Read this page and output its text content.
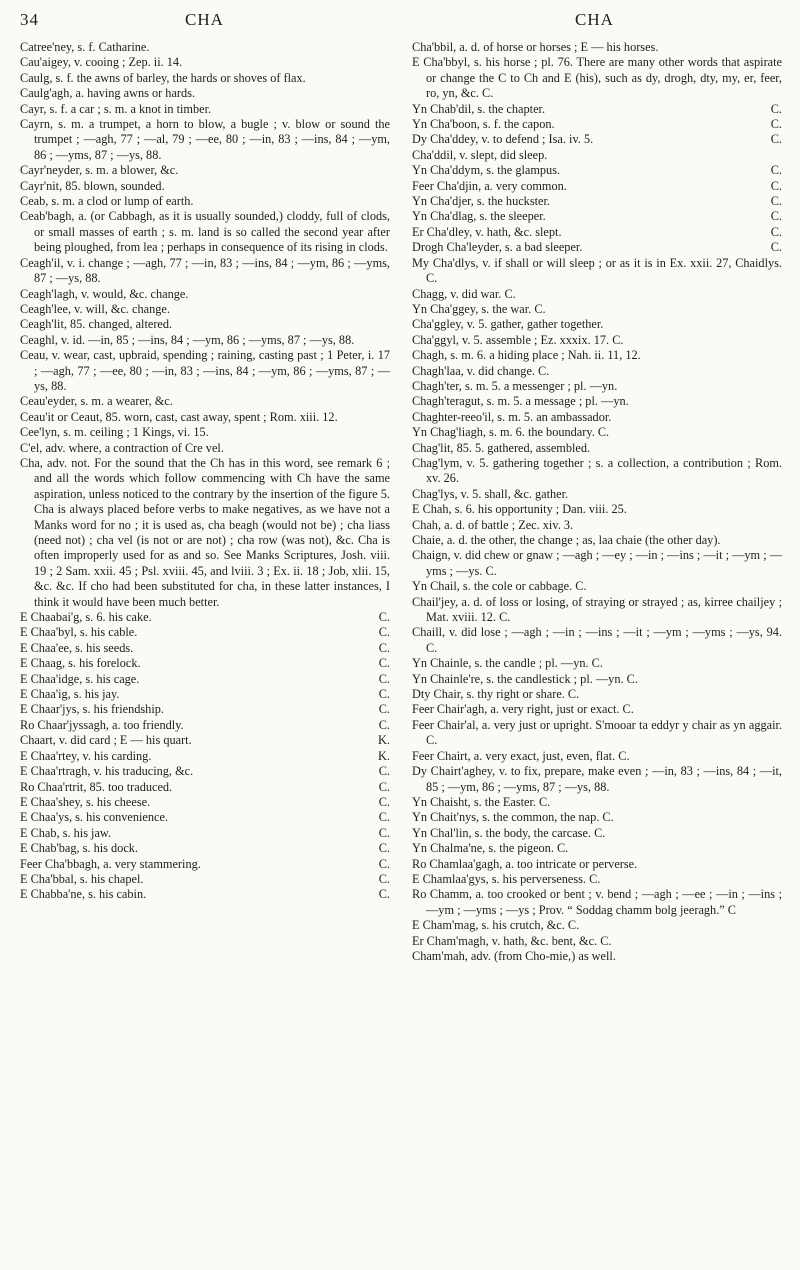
34	CHA	CHA

Catree'ney, s. f. Catharine.

Cau'aigey, v. cooing ; Zep. ii. 14.

Caulg, s. f. the awns of barley, the hards or shoves of flax.

Caulg'agh, a. having awns or hards.

Cayr, s. f. a car ; s. m. a knot in timber.

Cayrn, s. m. a trumpet, a horn to blow, a bugle ; v. blow or sound the trumpet ; —agh, 77 ; —al, 79 ; —ee, 80 ; —in, 83 ; —ins, 84 ; —ym, 86 ; —yms, 87 ; —ys, 88.

Cayr'neyder, s. m. a blower, &c.

Cayr'nit, 85. blown, sounded.

Ceab, s. m. a clod or lump of earth.

Ceab'bagh, a. (or Cabbagh, as it is usually sounded,) cloddy, full of clods, or small masses of earth ; s. m. land is so called the second year after being ploughed, from lea ; perhaps in consequence of its rising in clods.

Ceagh'il, v. i. change ; —agh, 77 ; —in, 83 ; —ins, 84 ; —ym, 86 ; —yms, 87 ; —ys, 88.

Ceagh'lagh, v. would, &c. change.

Ceagh'lee, v. will, &c. change.

Ceagh'lit, 85. changed, altered.

Ceaghl, v. id. —in, 85 ; —ins, 84 ; —ym, 86 ; —yms, 87 ; —ys, 88.

Ceau, v. wear, cast, upbraid, spending ; raining, casting past ; 1 Peter, i. 17 ; —agh, 77 ; —ee, 80 ; —in, 83 ; —ins, 84 ; —ym, 86 ; —yms, 87 ; —ys, 88.

Ceau'eyder, s. m. a wearer, &c.

Ceau'it or Ceaut, 85. worn, cast, cast away, spent ; Rom. xiii. 12.

Cee'lyn, s. m. ceiling ; 1 Kings, vi. 15.

C'el, adv. where, a contraction of Cre vel.

Cha, adv. not. For the sound that the Ch has in this word, see remark 6 ; and all the words which follow commencing with Ch have the same aspiration, unless noticed to the contrary by the insertion of the figure 5. Cha is always placed before verbs to make negatives, as we have not a Manks word for no ; it is used as, cha beagh (would not be) ; cha liass (need not) ; cha vel (is not or are not) ; cha row (was not), &c. Cha is often improperly used for as and so. See Manks Scriptures, Josh. viii. 19 ; 2 Sam. xxii. 45 ; Psl. xviii. 45, and lviii. 3 ; Ex. ii. 18 ; Job, xlii. 15, &c. &c. If cho had been substituted for cha, in these latter instances, I think it would have been much better.

E Chaabai'g, s. 6. his cake.	C.

E Chaa'byl, s. his cable.	C.

E Chaa'ee, s. his seeds.	C.

E Chaag, s. his forelock.	C.

E Chaa'idge, s. his cage.	C.

E Chaa'ig, s. his jay.	C.

E Chaar'jys, s. his friendship.	C.

Ro Chaar'jyssagh, a. too friendly.	C.

Chaart, v. did card ; E — his quart.	K.

E Chaa'rtey, v. his carding.	K.

E Chaa'rtragh, v. his traducing, &c.	C.

Ro Chaa'rtrit, 85. too traduced.	C.

E Chaa'shey, s. his cheese.	C.

E Chaa'ys, s. his convenience.	C.

E Chab, s. his jaw.	C.

E Chab'bag, s. his dock.	C.

Feer Cha'bbagh, a. very stammering.	C.

E Cha'bbal, s. his chapel.	C.

E Chabba'ne, s. his cabin.	C.

Cha'bbil, a. d. of horse or horses ; E — his horses.

E Cha'bbyl, s. his horse ; pl. 76. There are many other words that aspirate or change the C to Ch and E (his), such as dy, drogh, dty, my, er, feer, ro, yn, &c. C.

Yn Chab'dil, s. the chapter.	C.

Yn Cha'boon, s. f. the capon.	C.

Dy Cha'ddey, v. to defend ; Isa. iv. 5.	C.

Cha'ddil, v. slept, did sleep.

Yn Cha'ddym, s. the glampus.	C.

Feer Cha'djin, a. very common.	C.

Yn Cha'djer, s. the huckster.	C.

Yn Cha'dlag, s. the sleeper.	C.

Er Cha'dley, v. hath, &c. slept.	C.

Drogh Cha'leyder, s. a bad sleeper.	C.

My Cha'dlys, v. if shall or will sleep ; or as it is in Ex. xxii. 27, Chaidlys. C.

Chagg, v. did war. C.

Yn Cha'ggey, s. the war. C.

Cha'ggley, v. 5. gather, gather together.

Cha'ggyl, v. 5. assemble ; Ez. xxxix. 17. C.

Chagh, s. m. 6. a hiding place ; Nah. ii. 11, 12.

Chagh'laa, v. did change. C.

Chagh'ter, s. m. 5. a messenger ; pl. —yn.

Chagh'teragut, s. m. 5. a message ; pl. —yn.

Chaghter-reeo'il, s. m. 5. an ambassador.

Yn Chag'liagh, s. m. 6. the boundary. C.

Chag'lit, 85. 5. gathered, assembled.

Chag'lym, v. 5. gathering together ; s. a collection, a contribution ; Rom. xv. 26.

Chag'lys, v. 5. shall, &c. gather.

E Chah, s. 6. his opportunity ; Dan. viii. 25.

Chah, a. d. of battle ; Zec. xiv. 3.

Chaie, a. d. the other, the change ; as, laa chaie (the other day).

Chaign, v. did chew or gnaw ; —agh ; —ey ; —in ; —ins ; —it ; —ym ; —yms ; —ys. C.

Yn Chail, s. the cole or cabbage. C.

Chail'jey, a. d. of loss or losing, of straying or strayed ; as, kirree chailjey ; Mat. xviii. 12. C.

Chaill, v. did lose ; —agh ; —in ; —ins ; —it ; —ym ; —yms ; —ys, 94. C.

Yn Chainle, s. the candle ; pl. —yn. C.

Yn Chainle're, s. the candlestick ; pl. —yn. C.

Dty Chair, s. thy right or share. C.

Feer Chair'agh, a. very right, just or exact. C.

Feer Chair'al, a. very just or upright. S'mooar ta eddyr y chair as yn aggair. C.

Feer Chairt, a. very exact, just, even, flat. C.

Dy Chairt'aghey, v. to fix, prepare, make even ; —in, 83 ; —ins, 84 ; —it, 85 ; —ym, 86 ; —yms, 87 ; —ys, 88.

Yn Chaisht, s. the Easter. C.

Yn Chait'nys, s. the common, the nap. C.

Yn Chal'lin, s. the body, the carcase. C.

Yn Chalma'ne, s. the pigeon. C.

Ro Chamlaa'gagh, a. too intricate or perverse.

E Chamlaa'gys, s. his perverseness. C.

Ro Chamm, a. too crooked or bent ; v. bend ; —agh ; —ee ; —in ; —ins ; —ym ; —yms ; —ys ; Prov. “ Soddag chamm bolg jeeragh.” C

E Cham'mag, s. his crutch, &c. C.

Er Cham'magh, v. hath, &c. bent, &c. C.

Cham'mah, adv. (from Cho-mie,) as well.
